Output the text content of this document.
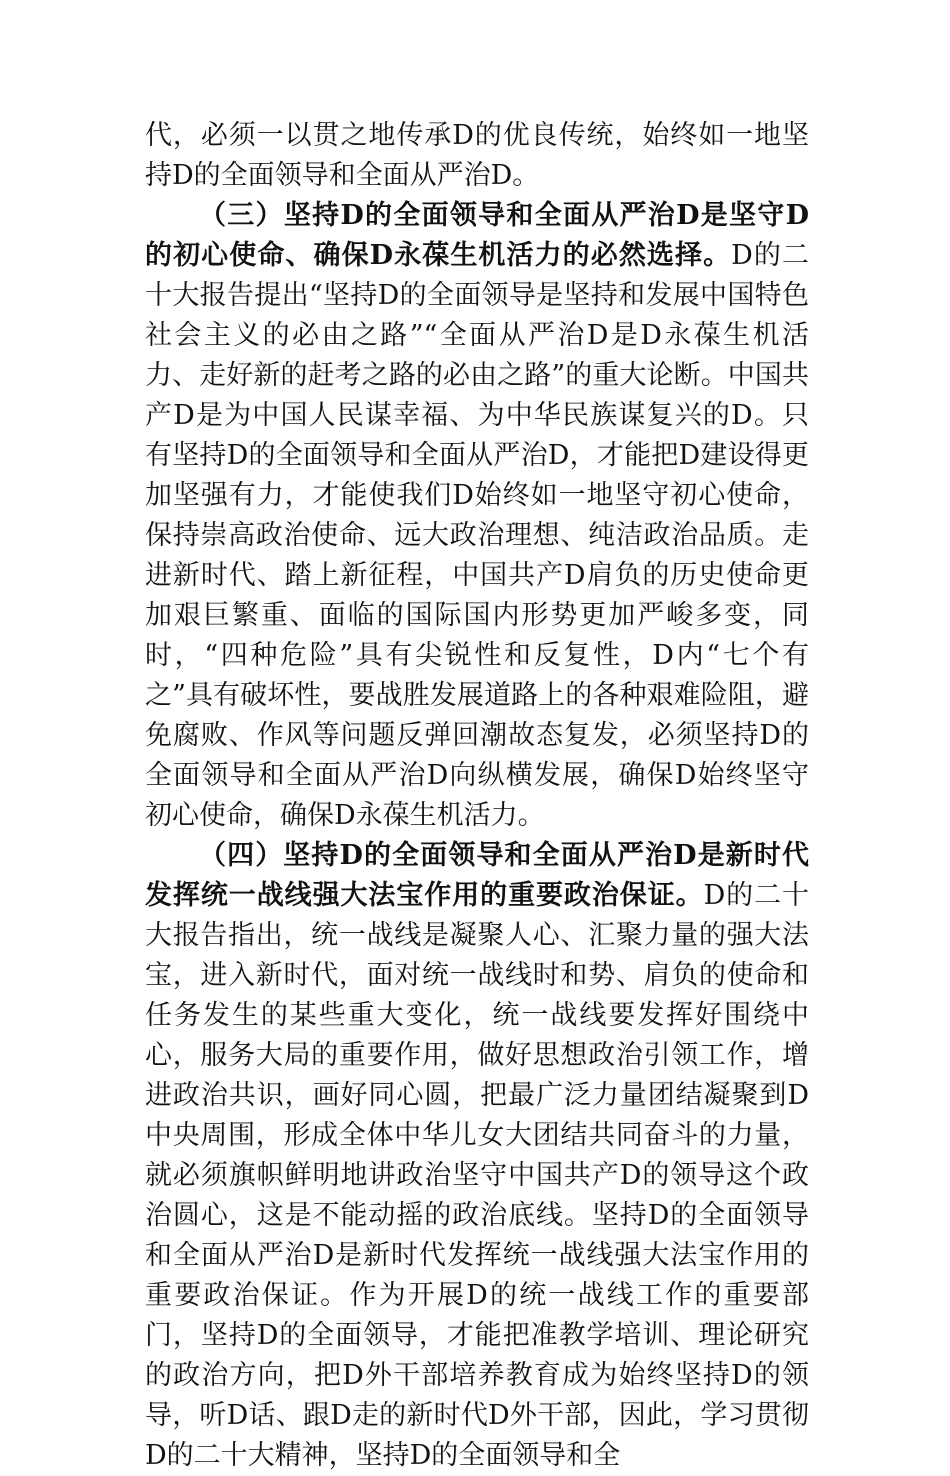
代，必须一以贯之地传承D的优良传统，始终如一地坚持D的全面领导和全面从严治D。

（三）坚持D的全面领导和全面从严治D是坚守D的初心使命、确保D永葆生机活力的必然选择。D的二十大报告提出“坚持D的全面领导是坚持和发展中国特色社会主义的必由之路”“全面从严治D是D永葆生机活力、走好新的赶考之路的必由之路”的重大论断。中国共产D是为中国人民谋幸福、为中华民族谋复兴的D。只有坚持D的全面领导和全面从严治D，才能把D建设得更加坚强有力，才能使我们D始终如一地坚守初心使命，保持崇高政治使命、远大政治理想、纯洁政治品质。走进新时代、踏上新征程，中国共产D肩负的历史使命更加艰巨繁重、面临的国际国内形势更加严峻多变，同时，“四种危险”具有尖锐性和反复性，D内“七个有之”具有破坏性，要战胜发展道路上的各种艰难险阻，避免腐败、作风等问题反弹回潮故态复发，必须坚持D的全面领导和全面从严治D向纵横发展，确保D始终坚守初心使命，确保D永葆生机活力。

（四）坚持D的全面领导和全面从严治D是新时代发挥统一战线强大法宝作用的重要政治保证。D的二十大报告指出，统一战线是凝聚人心、汇聚力量的强大法宝，进入新时代，面对统一战线时和势、肩负的使命和任务发生的某些重大变化，统一战线要发挥好围绕中心，服务大局的重要作用，做好思想政治引领工作，增进政治共识，画好同心圆，把最广泛力量团结凝聚到D中央周围，形成全体中华儿女大团结共同奋斗的力量，就必须旗帜鲜明地讲政治坚守中国共产D的领导这个政治圆心，这是不能动摇的政治底线。坚持D的全面领导和全面从严治D是新时代发挥统一战线强大法宝作用的重要政治保证。作为开展D的统一战线工作的重要部门，坚持D的全面领导，才能把准教学培训、理论研究的政治方向，把D外干部培养教育成为始终坚持D的领导，听D话、跟D走的新时代D外干部，因此，学习贯彻D的二十大精神，坚持D的全面领导和全
